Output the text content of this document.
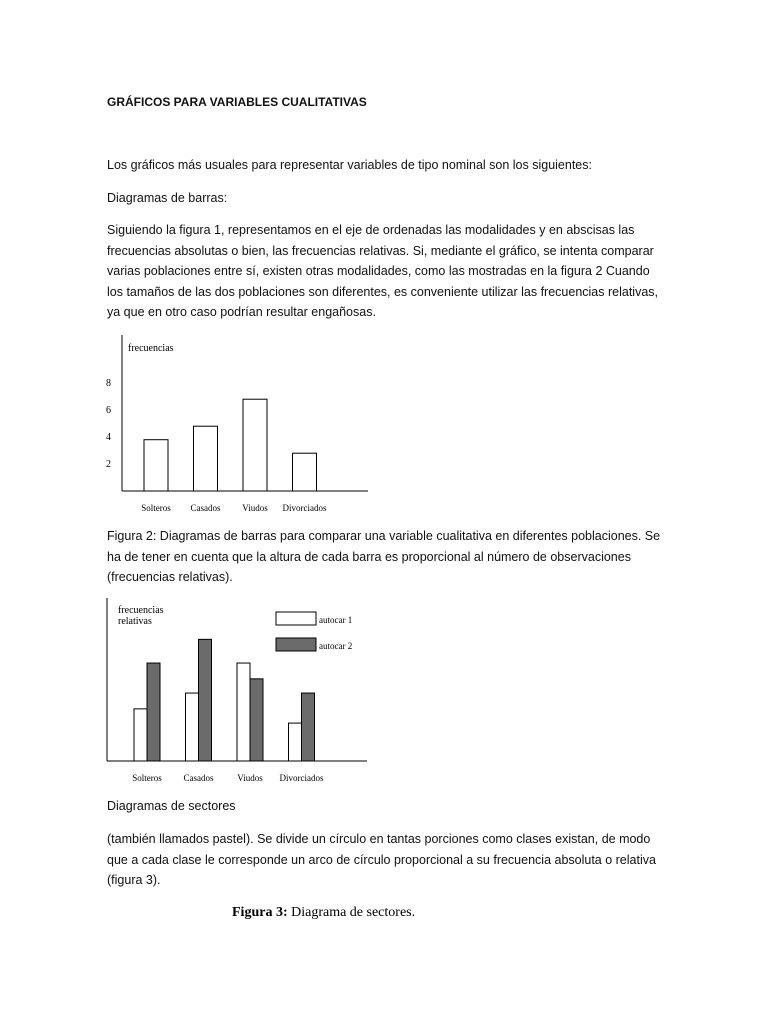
GRÁFICOS PARA VARIABLES CUALITATIVAS

Los gráficos más usuales para representar variables de tipo nominal son los siguientes:

Diagramas de barras:

Siguiendo la figura 1, representamos en el eje de ordenadas las modalidades y en abscisas las frecuencias absolutas o bien, las frecuencias relativas. Si, mediante el gráfico, se intenta comparar varias poblaciones entre sí, existen otras modalidades, como las mostradas en la figura 2 Cuando los tamaños de las dos poblaciones son diferentes, es conveniente utilizar las frecuencias relativas, ya que en otro caso podrían resultar engañosas.

frecuencias
2
4
6
8
Solteros Casados Viudos Divorciados

Figura 2: Diagramas de barras para comparar una variable cualitativa en diferentes poblaciones. Se ha de tener en cuenta que la altura de cada barra es proporcional al número de observaciones (frecuencias relativas).

frecuencias
relativas	autocar 1
autocar 2
Solteros Casados	Viudos Divorciados

Diagramas de sectores

(también llamados pastel). Se divide un círculo en tantas porciones como clases existan, de modo que a cada clase le corresponde un arco de círculo proporcional a su frecuencia absoluta o relativa (figura 3).

Figura 3: Diagrama de sectores.
